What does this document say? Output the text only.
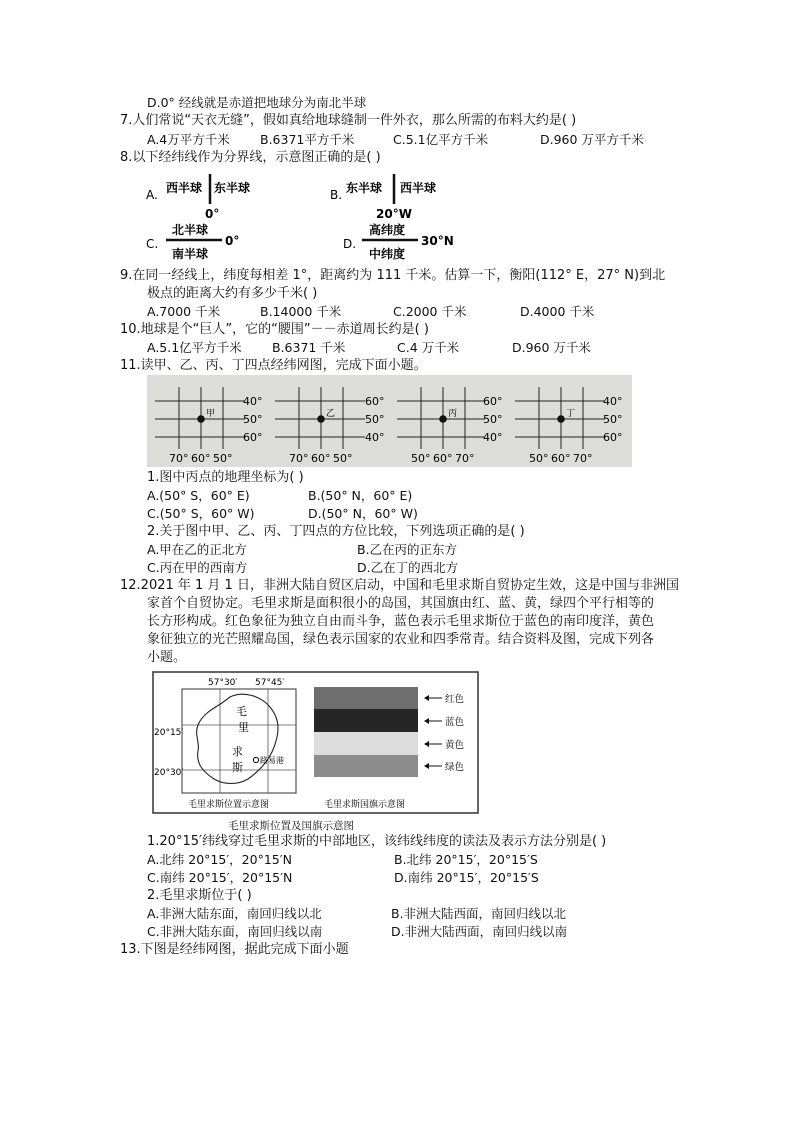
D.0° 经线就是赤道把地球分为南北半球
7.人们常说“天衣无缝”，假如真给地球缝制一件外衣，那么所需的布料大约是( )
A.4万平方千米 B.6371平方千米	C.5.1亿平方千米	D.960 万平方千米
8.以下经纬线作为分界线，示意图正确的是( )
A. 西半球 东半球
0°
B. 东半球 西半球
20°W
C.
北半球
南半球
0°	D.
高纬度
中纬度
30°N
9.在同一经线上，纬度每相差 1°，距离约为 111 千米。估算一下，衡阳(112° E，27° N)到北
极点的距离大约有多少千米( )
A.7000 千米	B.14000 千米	C.2000 千米	D.4000 千米
10.地球是个“巨人”，它的“腰围”－－赤道周长约是( )
A.5.1亿平方千米 B.6371 千米	C.4 万千米	D.960 万千米
11.读甲、乙、丙、丁四点经纬网图，完成下面小题。
甲
40°
50°
60°
70° 60° 50°
乙
60°
50°
40°
70° 60° 50°
丙
60°
50°
40°
50° 60° 70°
丁
40°
50°
60°
50° 60° 70°
1.图中丙点的地理坐标为( )
A.(50° S，60° E)	B.(50° N，60° E)
C.(50° S，60° W)	D.(50° N，60° W)
2.关于图中甲、乙、丙、丁四点的方位比较，下列选项正确的是( )
A.甲在乙的正北方	B.乙在丙的正东方
C.丙在甲的西南方	D.乙在丁的西北方
12.2021 年 1 月 1 日，非洲大陆自贸区启动，中国和毛里求斯自贸协定生效，这是中国与非洲国
家首个自贸协定。毛里求斯是面积很小的岛国，其国旗由红、蓝、黄，绿四个平行相等的
长方形构成。红色象征为独立自由而斗争，蓝色表示毛里求斯位于蓝色的南印度洋，黄色
象征独立的光芒照耀岛国，绿色表示国家的农业和四季常青。结合资料及图，完成下列各
小题。
57°30′ 57°45′
20°15′
20°30′
毛
里
求
斯
路易港
毛里求斯位置示意图
红色
蓝色
黄色
绿色
毛里求斯国旗示意图
毛里求斯位置及国旗示意图
1.20°15′纬线穿过毛里求斯的中部地区，该纬线纬度的读法及表示方法分别是( )
A.北纬 20°15′，20°15′N	B.北纬 20°15′，20°15′S
C.南纬 20°15′，20°15′N	D.南纬 20°15′，20°15′S
2.毛里求斯位于( )
A.非洲大陆东面，南回归线以北	B.非洲大陆西面，南回归线以北
C.非洲大陆东面，南回归线以南	D.非洲大陆西面，南回归线以南
13.下图是经纬网图，据此完成下面小题
